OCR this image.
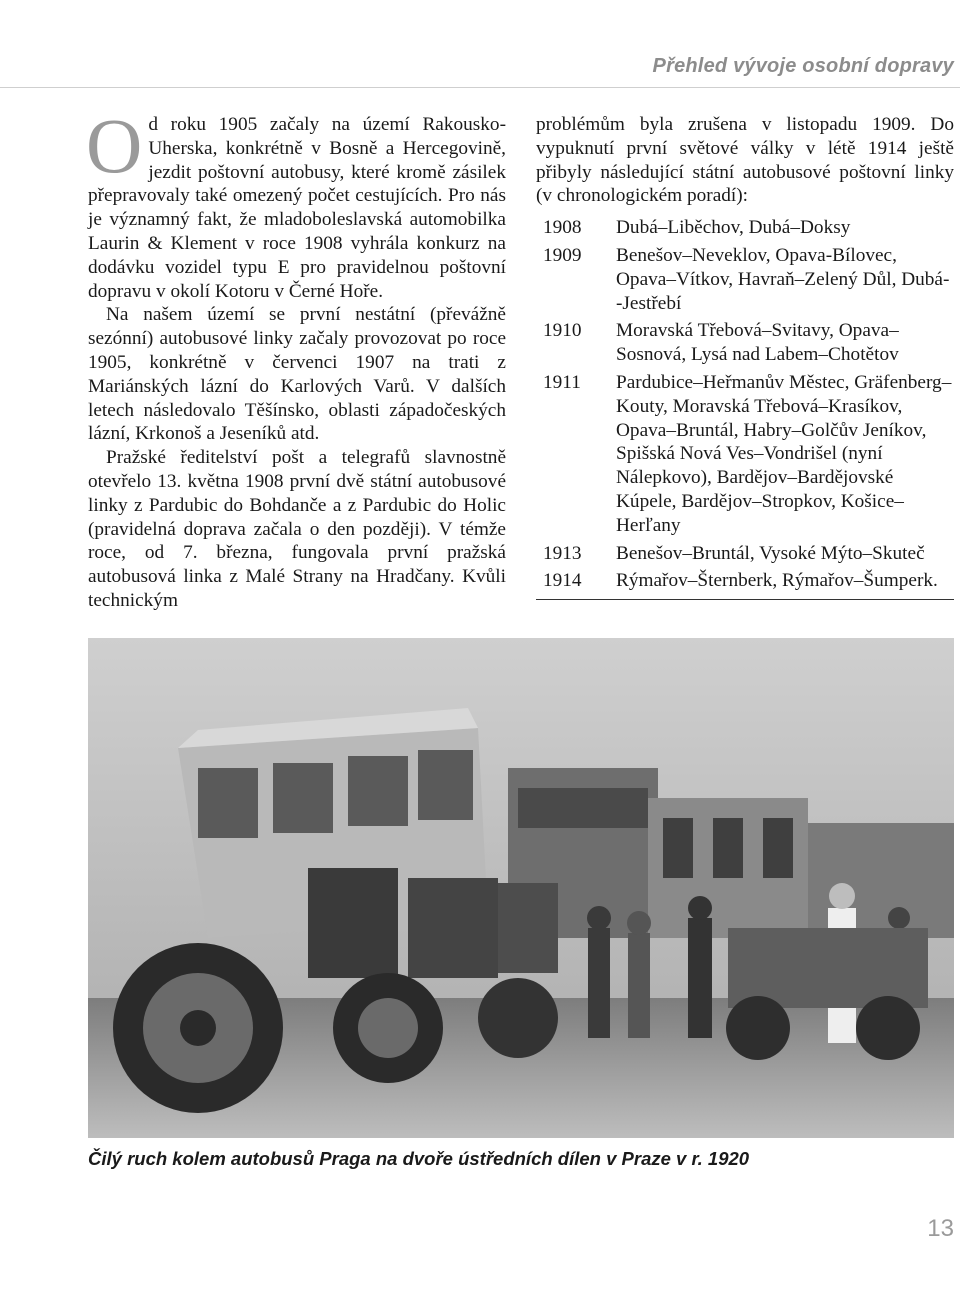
Přehled vývoje osobní dopravy
O d roku 1905 začaly na území Rakousko-Uherska, konkrétně v Bosně a Hercegovině, jezdit poštovní autobusy, které kromě zásilek přepravovaly také omezený počet cestujících. Pro nás je významný fakt, že mladoboleslavská automobilka Laurin & Klement v roce 1908 vyhrála konkurz na dodávku vozidel typu E pro pravidelnou poštovní dopravu v okolí Kotoru v Černé Hoře.

Na našem území se první nestátní (převážně sezónní) autobusové linky začaly provozovat po roce 1905, konkrétně v červenci 1907 na trati z Mariánských lázní do Karlových Varů. V dalších letech následovalo Těšínsko, oblasti západočeských lázní, Krkonoš a Jeseníků atd.

Pražské ředitelství pošt a telegrafů slavnostně otevřelo 13. května 1908 první dvě státní autobusové linky z Pardubic do Bohdanče a z Pardubic do Holic (pravidelná doprava začala o den později). V témže roce, od 7. března, fungovala první pražská autobusová linka z Malé Strany na Hradčany. Kvůli technickým

problémům byla zrušena v listopadu 1909. Do vypuknutí první světové války v létě 1914 ještě přibyly následující státní autobusové poštovní linky (v chronologickém poradí):

1908	Dubá–Liběchov, Dubá–Doksy
1909	Benešov–Neveklov, Opava-Bílovec, Opava–Vítkov, Havraň–Zelený Důl, Dubá--Jestřebí
1910	Moravská Třebová–Svitavy, Opava–Sosnová, Lysá nad Labem–Chotětov
1911	Pardubice–Heřmanův Městec, Gräfenberg–Kouty, Moravská Třebová–Krasíkov, Opava–Bruntál, Habry–Golčův Jeníkov, Spišská Nová Ves–Vondrišel (nyní Nálepkovo), Bardějov–Bardějovské Kúpele, Bardějov–Stropkov, Košice–Herľany
1913	Benešov–Bruntál, Vysoké Mýto–Skuteč
1914	Rýmařov–Šternberk, Rýmařov–Šumperk.
Čilý ruch kolem autobusů Praga na dvoře ústředních dílen v Praze v r. 1920
13
